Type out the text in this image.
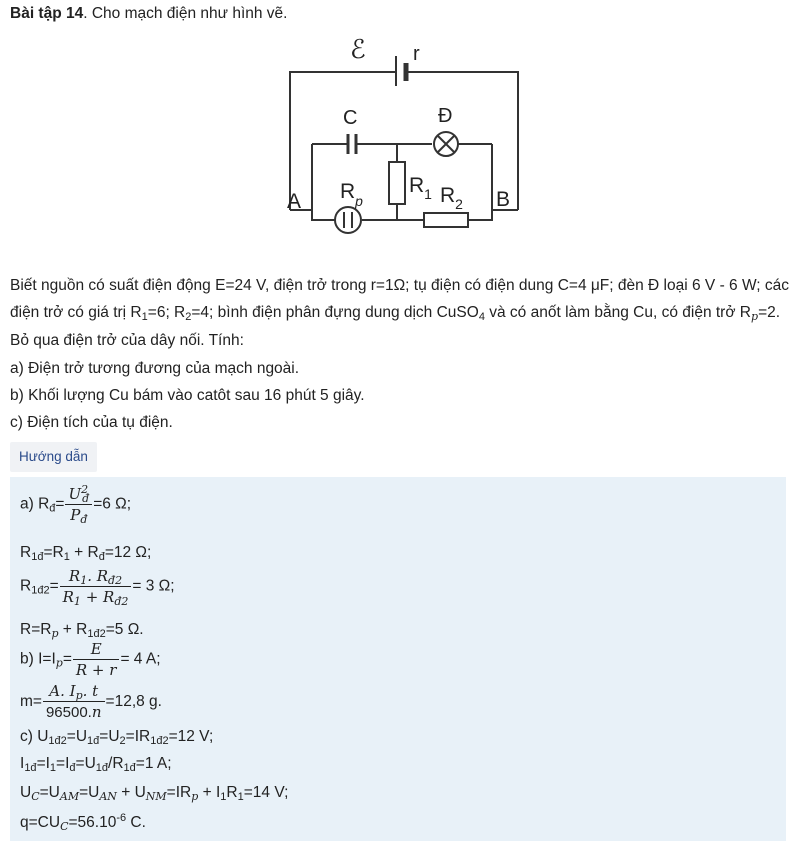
Bài tập 14. Cho mạch điện như hình vẽ.
ℰ r
C	Đ
A	B
$R_p$
$R_1$ $R_2$
Biết nguồn có suất điện động E=24 V, điện trở trong r=1Ω; tụ điện có điện dung C=4 μF; đèn Đ loại 6 V - 6 W; các
điện trở có giá trị $R_1=6$; $R_2=4$; bình điện phân đựng dung dịch CuSO$_4$ và có anốt làm bằng Cu, có điện trở $R_p=2$.
Bỏ qua điện trở của dây nối. Tính:
a) Điện trở tương đương của mạch ngoài.
b) Khối lượng Cu bám vào catôt sau 16 phút 5 giây.
c) Điện tích của tụ điện.
Hướng dẫn
a) $R_đ= \frac{U^2_đ}{P_đ} =6$ Ω;
$R_{1đ}=R_1 + R_đ=12$ Ω;
$R_{1đ2}= \frac{R_1. R_{đ2}}{R_1 + R_{đ2}} = 3$ Ω;
$R=R_p + R_{1đ2}=5$ Ω.
b) $I=I_p= \frac{E}{R + r} = 4$ A;
$m= \frac{A. I_p. t}{96500.n} =12,8$ g.
c) $U_{1đ2}=U_{1đ}=U_2=IR_{1đ2}=12$ V;
$I_{1đ}=I_1=I_đ=U_{1đ}/R_{1đ}=1$ A;
$U_C=U_{AM}=U_{AN} + U_{NM}=IR_p + I_1R_1=14$ V;
$q=CU_C=56.10^{-6}$ C.
